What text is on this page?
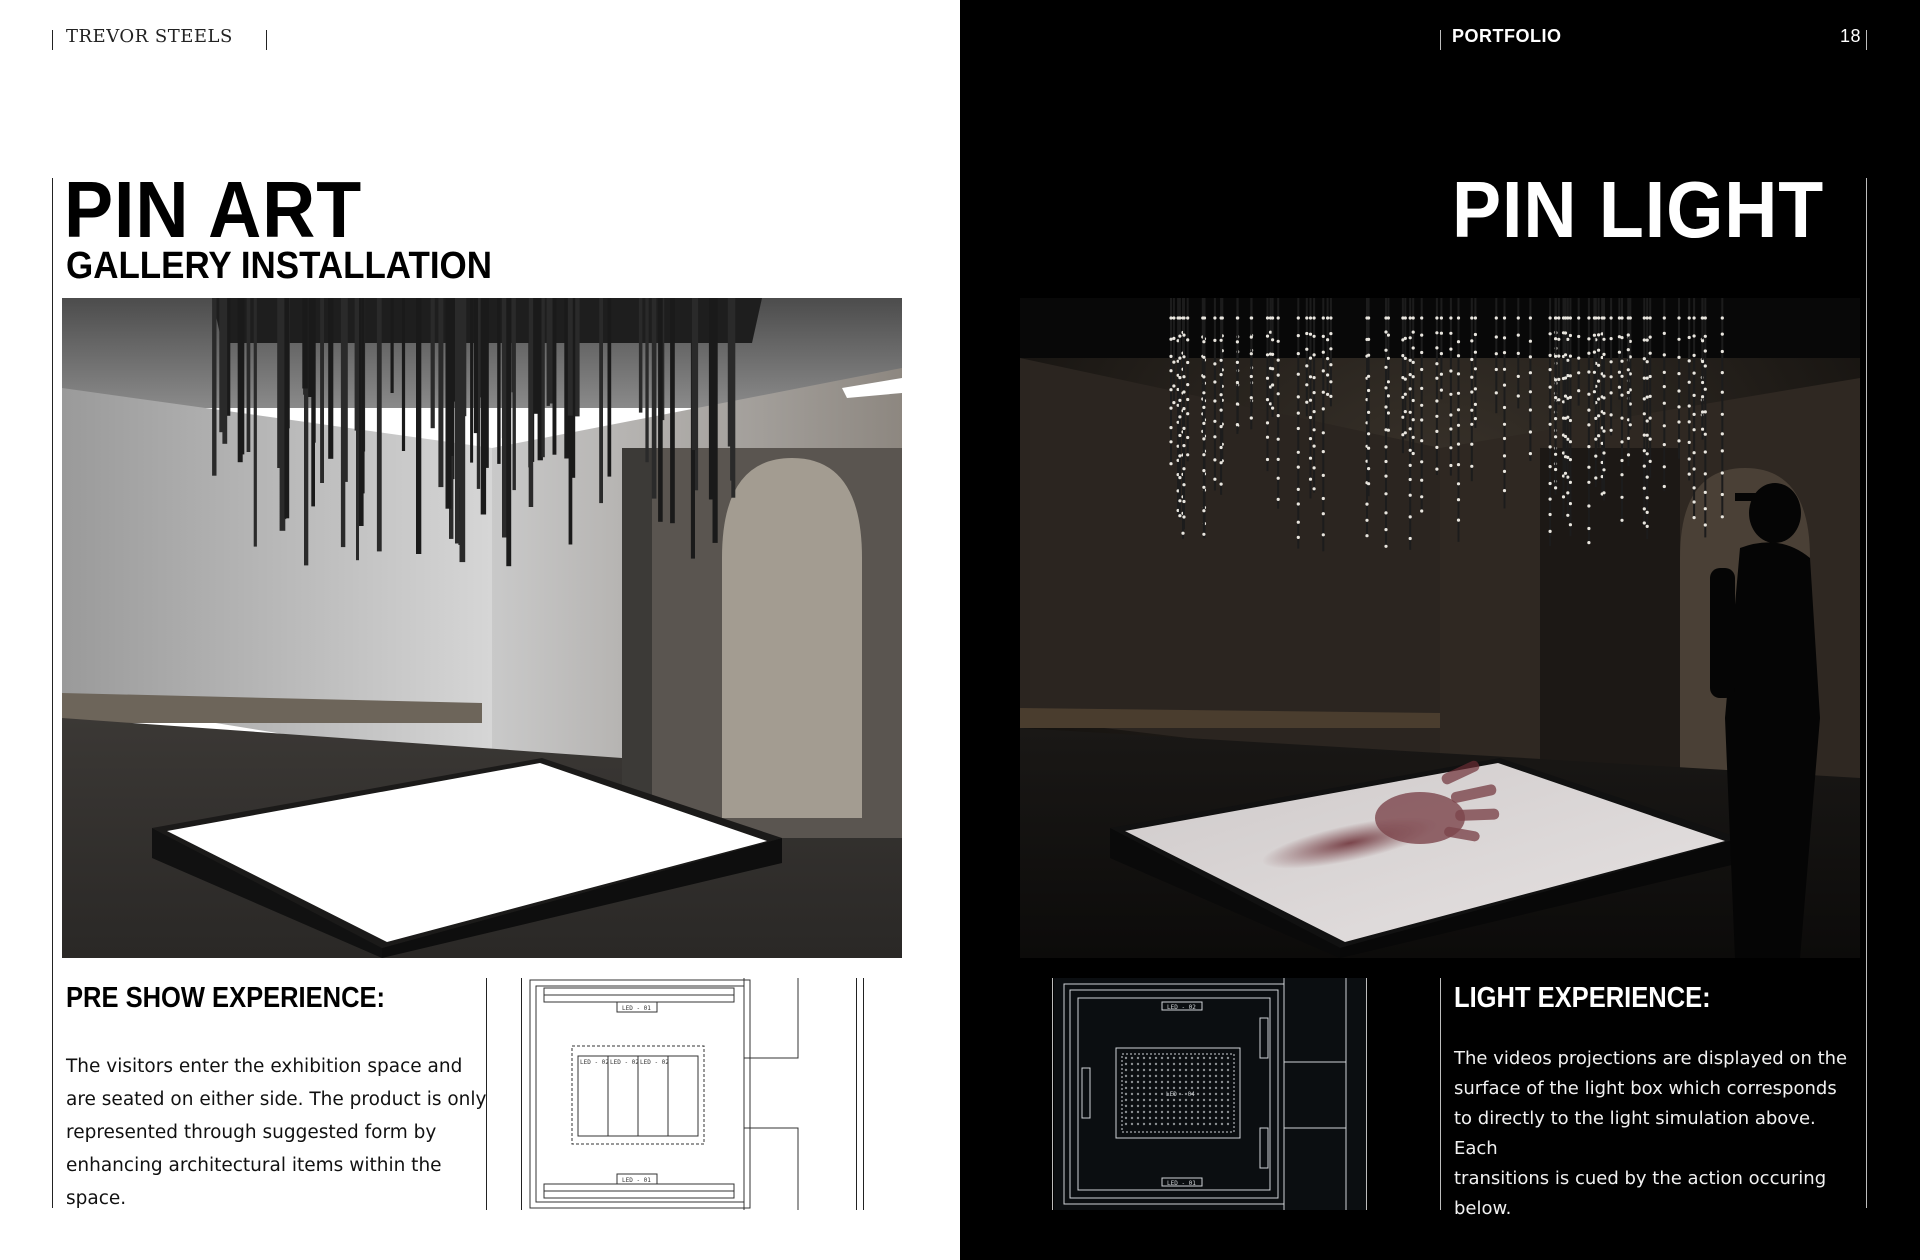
TREVOR STEELS
PIN ART
GALLERY INSTALLATION
PRE SHOW EXPERIENCE:
The visitors enter the exhibition space and
are seated on either side. The product is only
represented through suggested form by
enhancing architectural items within the space.
LED - 01
LED - 01
LED - 02 LED - 02 LED - 02
PORTFOLIO	18
PIN LIGHT
LED - 02
LED - 01
LED - 04
LIGHT EXPERIENCE:
The videos projections are displayed on the
surface of the light box which corresponds
to directly to the light simulation above. Each
transitions is cued by the action occuring
below.
